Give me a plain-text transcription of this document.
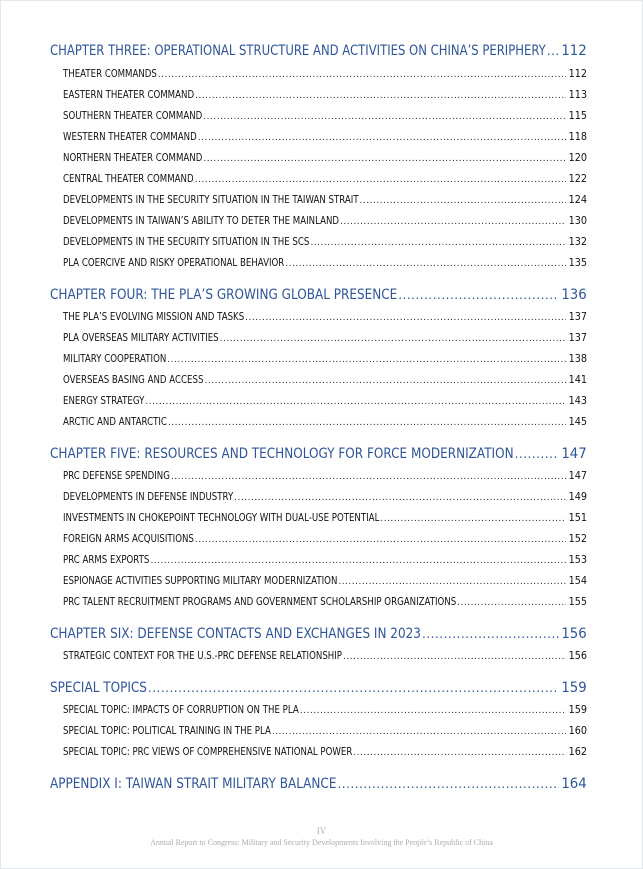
CHAPTER THREE: OPERATIONAL STRUCTURE AND ACTIVITIES ON CHINA’S PERIPHERY ..... 112
THEATER COMMANDS .....	112
EASTERN THEATER COMMAND .....	113
SOUTHERN THEATER COMMAND .....	115
WESTERN THEATER COMMAND .....	118
NORTHERN THEATER COMMAND .....	120
CENTRAL THEATER COMMAND .....	122
DEVELOPMENTS IN THE SECURITY SITUATION IN THE TAIWAN STRAIT .....	124
DEVELOPMENTS IN TAIWAN’S ABILITY TO DETER THE MAINLAND .....	130
DEVELOPMENTS IN THE SECURITY SITUATION IN THE SCS .....	132
PLA COERCIVE AND RISKY OPERATIONAL BEHAVIOR .....	135
CHAPTER FOUR: THE PLA’S GROWING GLOBAL PRESENCE .....	136
THE PLA’S EVOLVING MISSION AND TASKS .....	137
PLA OVERSEAS MILITARY ACTIVITIES .....	137
MILITARY COOPERATION .....	138
OVERSEAS BASING AND ACCESS .....	141
ENERGY STRATEGY .....	143
ARCTIC AND ANTARCTIC .....	145
CHAPTER FIVE: RESOURCES AND TECHNOLOGY FOR FORCE MODERNIZATION .....	147
PRC DEFENSE SPENDING .....	147
DEVELOPMENTS IN DEFENSE INDUSTRY .....	149
INVESTMENTS IN CHOKEPOINT TECHNOLOGY WITH DUAL-USE POTENTIAL .....	151
FOREIGN ARMS ACQUISITIONS .....	152
PRC ARMS EXPORTS .....	153
ESPIONAGE ACTIVITIES SUPPORTING MILITARY MODERNIZATION .....	154
PRC TALENT RECRUITMENT PROGRAMS AND GOVERNMENT SCHOLARSHIP ORGANIZATIONS .....	155
CHAPTER SIX: DEFENSE CONTACTS AND EXCHANGES IN 2023 .....	156
STRATEGIC CONTEXT FOR THE U.S.-PRC DEFENSE RELATIONSHIP .....	156
SPECIAL TOPICS .....	159
SPECIAL TOPIC: IMPACTS OF CORRUPTION ON THE PLA .....	159
SPECIAL TOPIC: POLITICAL TRAINING IN THE PLA .....	160
SPECIAL TOPIC: PRC VIEWS OF COMPREHENSIVE NATIONAL POWER .....	162
APPENDIX I: TAIWAN STRAIT MILITARY BALANCE .....	164
IV
Annual Report to Congress: Military and Security Developments Involving the People’s Republic of China
